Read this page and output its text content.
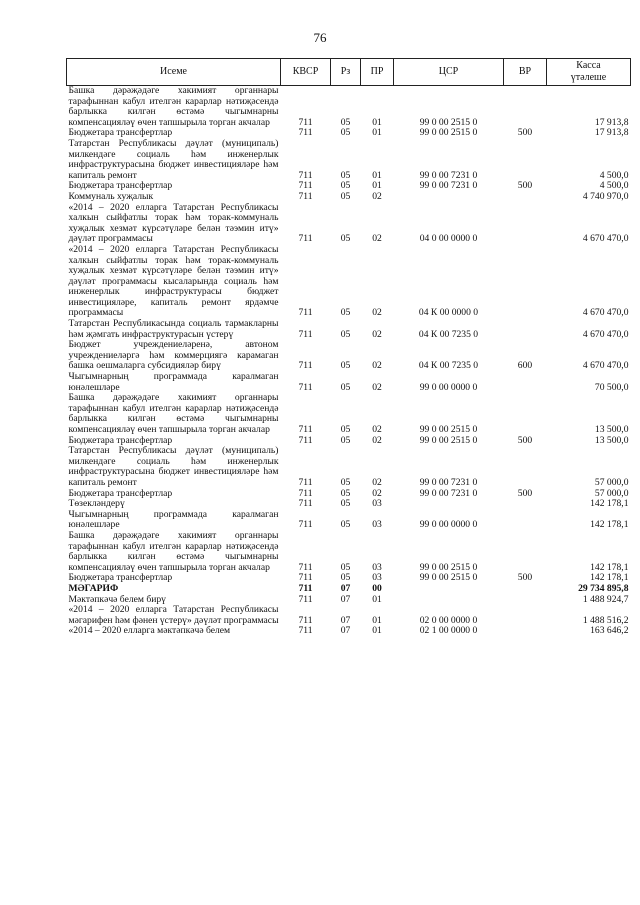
76
Исеме	КВСР	Рз	ПР	ЦСР	ВР	Касса
үтәлеше

Башка дәрәҗәдәге хакимият органнары тарафыннан кабул ителгән карарлар нәтиҗәсендә барлыкка килгән өстәмә чыгымнарны компенсацияләү өчен тапшырыла торган акчалар	711	05	01	99 0 00 2515 0		17 913,8
Бюджетара трансфертлар	711	05	01	99 0 00 2515 0	500	17 913,8
Татарстан Республикасы дәүләт (муниципаль) милкендәге социаль һәм инженерлык инфраструктурасына бюджет инвестицияләре һәм капиталь ремонт	711	05	01	99 0 00 7231 0		4 500,0
Бюджетара трансфертлар	711	05	01	99 0 00 7231 0	500	4 500,0
Коммуналь хуҗалык	711	05	02			4 740 970,0
«2014 – 2020 елларга Татарстан Республикасы халкын сыйфатлы торак һәм торак-коммуналь хуҗалык хезмәт күрсәтүләре белән тәэмин итү» дәүләт программасы	711	05	02	04 0 00 0000 0		4 670 470,0
«2014 – 2020 елларга Татарстан Республикасы халкын сыйфатлы торак һәм торак-коммуналь хуҗалык хезмәт күрсәтүләре белән тәэмин итү» дәүләт программасы кысаларында социаль һәм инженерлык инфраструктурасы бюджет инвестицияләре, капиталь ремонт ярдәмче программасы	711	05	02	04 К 00 0000 0		4 670 470,0
Татарстан Республикасында социаль тармакларны һәм җәмгать инфраструктурасын үстерү	711	05	02	04 К 00 7235 0		4 670 470,0
Бюджет учреждениеләренә, автоном учреждениеләргә һәм коммерциягә карамаган башка оешмаларга субсидияләр бирү	711	05	02	04 К 00 7235 0	600	4 670 470,0
Чыгымнарның программада каралмаган юнәлешләре	711	05	02	99 0 00 0000 0		70 500,0
Башка дәрәҗәдәге хакимият органнары тарафыннан кабул ителгән карарлар нәтиҗәсендә барлыкка килгән өстәмә чыгымнарны компенсацияләү өчен тапшырыла торган акчалар	711	05	02	99 0 00 2515 0		13 500,0
Бюджетара трансфертлар	711	05	02	99 0 00 2515 0	500	13 500,0
Татарстан Республикасы дәүләт (муниципаль) милкендәге социаль һәм инженерлык инфраструктурасына бюджет инвестицияләре һәм капиталь ремонт	711	05	02	99 0 00 7231 0		57 000,0
Бюджетара трансфертлар	711	05	02	99 0 00 7231 0	500	57 000,0
Төзекләндерү	711	05	03			142 178,1
Чыгымнарның программада каралмаган юнәлешләре	711	05	03	99 0 00 0000 0		142 178,1
Башка дәрәҗәдәге хакимият органнары тарафыннан кабул ителгән карарлар нәтиҗәсендә барлыкка килгән өстәмә чыгымнарны компенсацияләү өчен тапшырыла торган акчалар	711	05	03	99 0 00 2515 0		142 178,1
Бюджетара трансфертлар	711	05	03	99 0 00 2515 0	500	142 178,1
МӘГАРИФ	711	07	00			29 734 895,8
Мәктәпкәчә белем бирү	711	07	01			1 488 924,7
«2014 – 2020 елларга Татарстан Республикасы мәгарифен һәм фәнен үстерү» дәүләт программасы	711	07	01	02 0 00 0000 0		1 488 516,2
«2014 – 2020 елларга мәктәпкәчә белем	711	07	01	02 1 00 0000 0		163 646,2
